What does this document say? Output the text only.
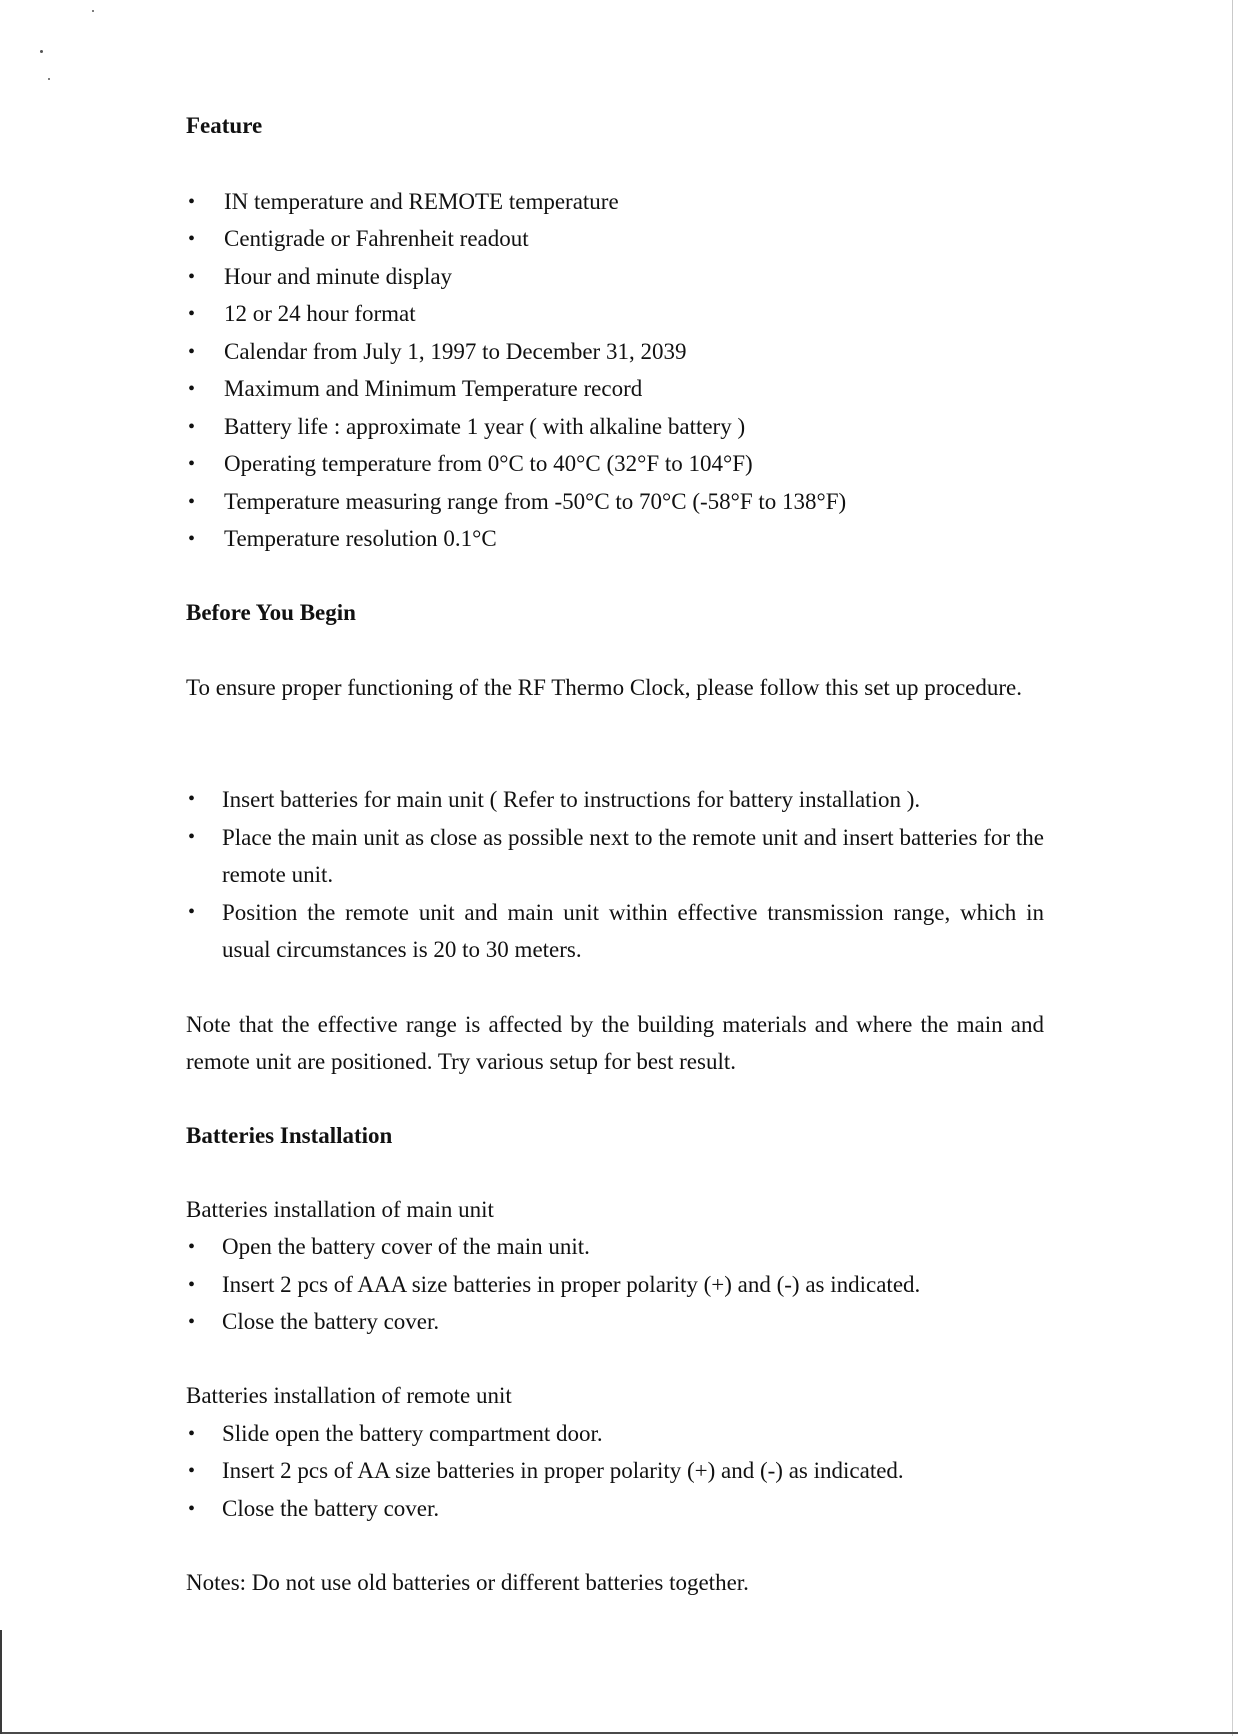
Feature
• IN temperature and REMOTE temperature
• Centigrade or Fahrenheit readout
• Hour and minute display
• 12 or 24 hour format
• Calendar from July 1, 1997 to December 31, 2039
• Maximum and Minimum Temperature record
• Battery life : approximate 1 year ( with alkaline battery )
• Operating temperature from 0°C to 40°C (32°F to 104°F)
• Temperature measuring range from -50°C to 70°C (-58°F to 138°F)
• Temperature resolution 0.1°C
Before You Begin
To ensure proper functioning of the RF Thermo Clock, please follow this set up procedure.
• Insert batteries for main unit ( Refer to instructions for battery installation ).
• Place the main unit as close as possible next to the remote unit and insert batteries for the remote unit.
• Position the remote unit and main unit within effective transmission range, which in usual circumstances is 20 to 30 meters.
Note that the effective range is affected by the building materials and where the main and remote unit are positioned. Try various setup for best result.
Batteries Installation
Batteries installation of main unit
• Open the battery cover of the main unit.
• Insert 2 pcs of AAA size batteries in proper polarity (+) and (-) as indicated.
• Close the battery cover.
Batteries installation of remote unit
• Slide open the battery compartment door.
• Insert 2 pcs of AA size batteries in proper polarity (+) and (-) as indicated.
• Close the battery cover.
Notes: Do not use old batteries or different batteries together.
